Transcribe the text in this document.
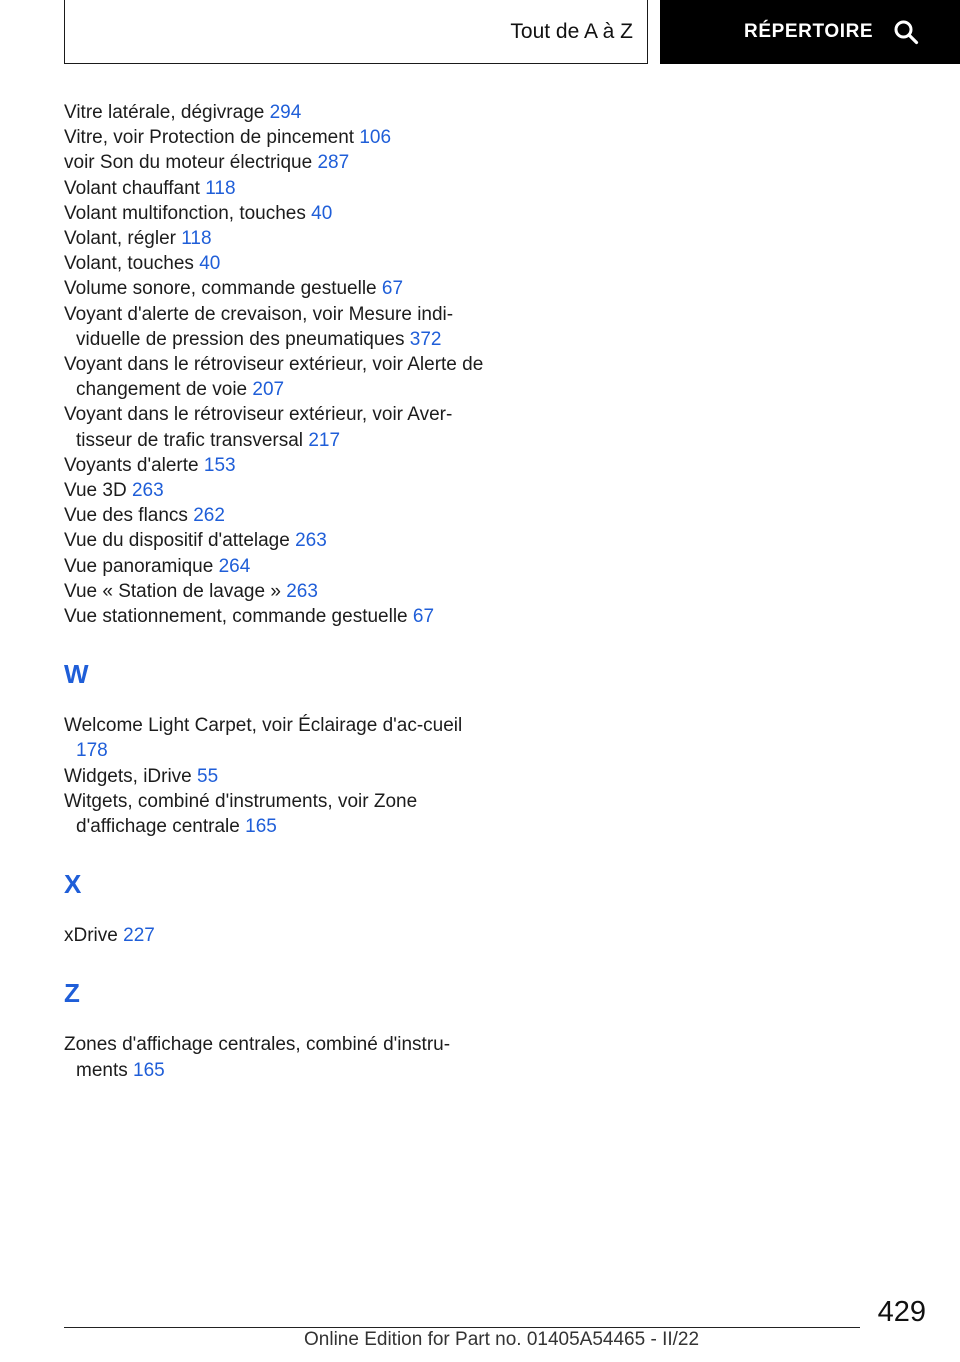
Tout de A à Z	RÉPERTOIRE
Vitre latérale, dégivrage 294
Vitre, voir Protection de pincement 106
voir Son du moteur électrique 287
Volant chauffant 118
Volant multifonction, touches 40
Volant, régler 118
Volant, touches 40
Volume sonore, commande gestuelle 67
Voyant d'alerte de crevaison, voir Mesure indi-viduelle de pression des pneumatiques 372
Voyant dans le rétroviseur extérieur, voir Alerte de changement de voie 207
Voyant dans le rétroviseur extérieur, voir Aver-tisseur de trafic transversal 217
Voyants d'alerte 153
Vue 3D 263
Vue des flancs 262
Vue du dispositif d'attelage 263
Vue panoramique 264
Vue « Station de lavage » 263
Vue stationnement, commande gestuelle 67
W
Welcome Light Carpet, voir Éclairage d'ac-cueil 178
Widgets, iDrive 55
Witgets, combiné d'instruments, voir Zone d'affichage centrale 165
X
xDrive 227
Z
Zones d'affichage centrales, combiné d'instru-ments 165
429
Online Edition for Part no. 01405A54465 - II/22
